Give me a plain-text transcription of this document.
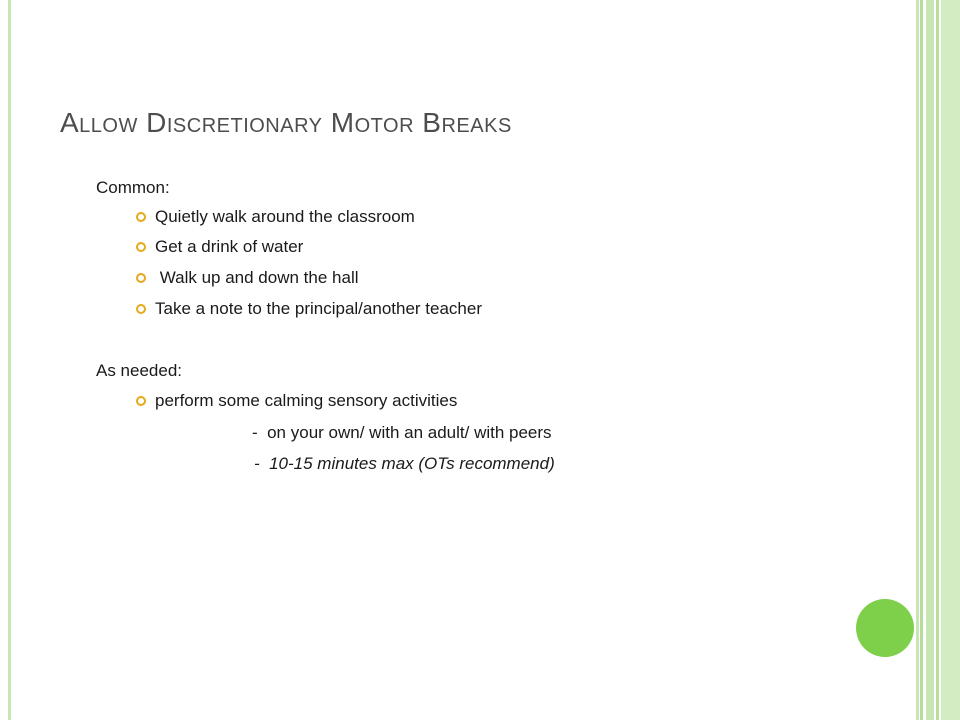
Allow Discretionary Motor Breaks
Common:
Quietly walk around the classroom
Get a drink of water
Walk up and down the hall
Take a note to the principal/another teacher
As needed:
perform some calming sensory activities
-  on your own/ with an adult/ with peers
-  10-15 minutes max (OTs recommend)
